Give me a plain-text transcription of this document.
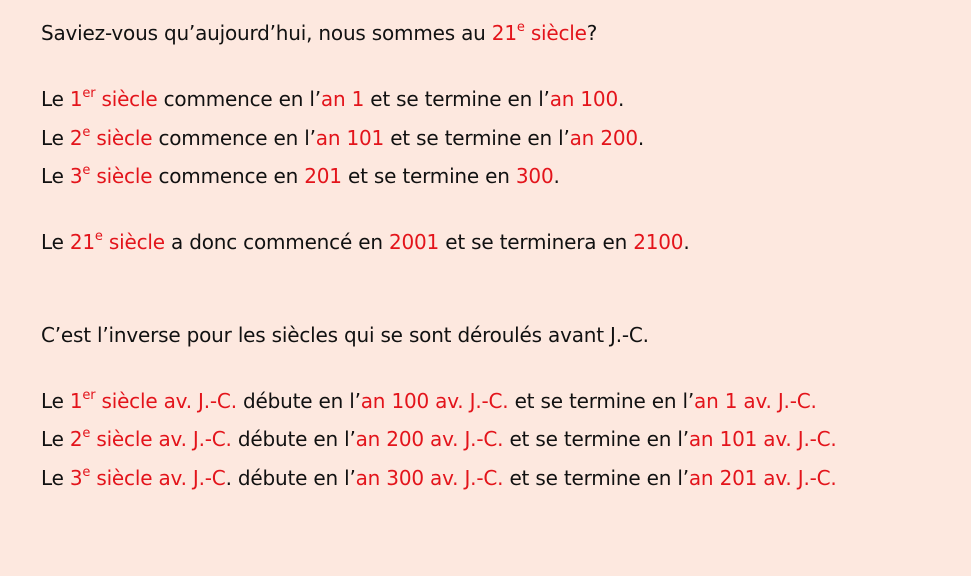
Saviez-vous qu’aujourd’hui, nous sommes au 21e siècle?
Le 1er siècle commence en l’an 1 et se termine en l’an 100.
Le 2e siècle commence en l’an 101 et se termine en l’an 200.
Le 3e siècle commence en 201 et se termine en 300.
Le 21e siècle a donc commencé en 2001 et se terminera en 2100.
C’est l’inverse pour les siècles qui se sont déroulés avant J.-C.
Le 1er siècle av. J.-C. débute en l’an 100 av. J.-C. et se termine en l’an 1 av. J.-C.
Le 2e siècle av. J.-C. débute en l’an 200 av. J.-C. et se termine en l’an 101 av. J.-C.
Le 3e siècle av. J.-C. débute en l’an 300 av. J.-C. et se termine en l’an 201 av. J.-C.
